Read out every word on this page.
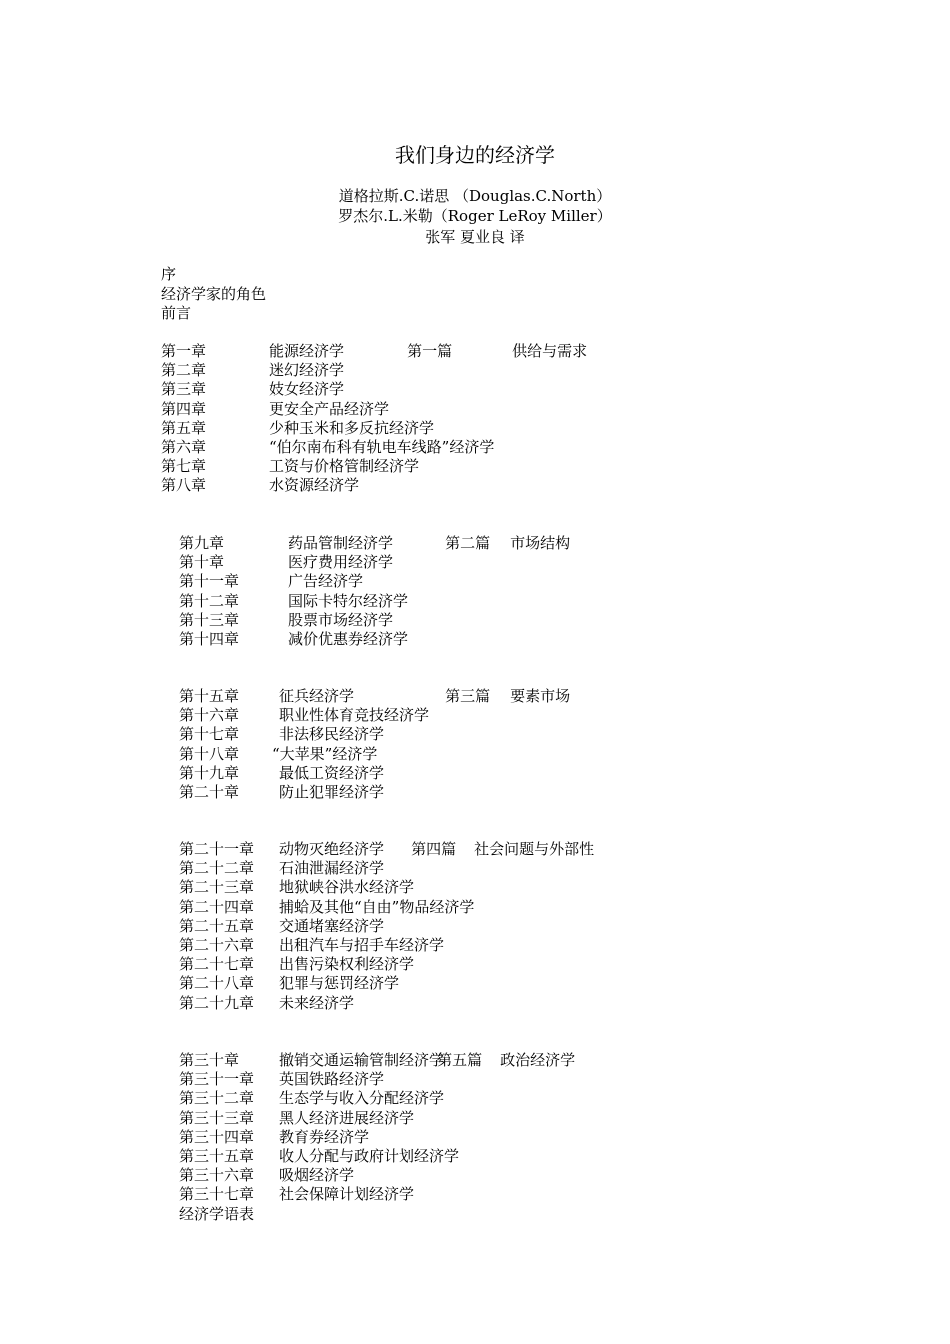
我们身边的经济学
道格拉斯.C.诺思 （Douglas.C.North）
罗杰尔.L.米勒（Roger LeRoy Miller）
张军 夏业良 译
序
经济学家的角色
前言

第一篇	供给与需求

第一章	能源经济学
第二章	迷幻经济学
第三章	妓女经济学
第四章	更安全产品经济学
第五章	少种玉米和多反抗经济学
第六章	“伯尔南布科有轨电车线路”经济学
第七章	工资与价格管制经济学
第八章	水资源经济学

第二篇 市场结构

第九章	药品管制经济学
第十章	医疗费用经济学
第十一章	广告经济学
第十二章	国际卡特尔经济学
第十三章	股票市场经济学
第十四章	减价优惠券经济学

第三篇 要素市场

第十五章	征兵经济学
第十六章	职业性体育竞技经济学
第十七章	非法移民经济学
第十八章 “大苹果”经济学
第十九章	最低工资经济学
第二十章	防止犯罪经济学

第四篇 社会问题与外部性

第二十一章 动物灭绝经济学
第二十二章 石油泄漏经济学
第二十三章 地狱峡谷洪水经济学
第二十四章 捕蛤及其他“自由”物品经济学
第二十五章 交通堵塞经济学
第二十六章 出租汽车与招手车经济学
第二十七章 出售污染权利经济学
第二十八章 犯罪与惩罚经济学
第二十九章 未来经济学

第五篇 政治经济学

第三十章	撤销交通运输管制经济学
第三十一章 英国铁路经济学
第三十二章 生态学与收入分配经济学
第三十三章 黑人经济进展经济学
第三十四章 教育券经济学
第三十五章 收人分配与政府计划经济学
第三十六章 吸烟经济学
第三十七章 社会保障计划经济学
经济学语表
